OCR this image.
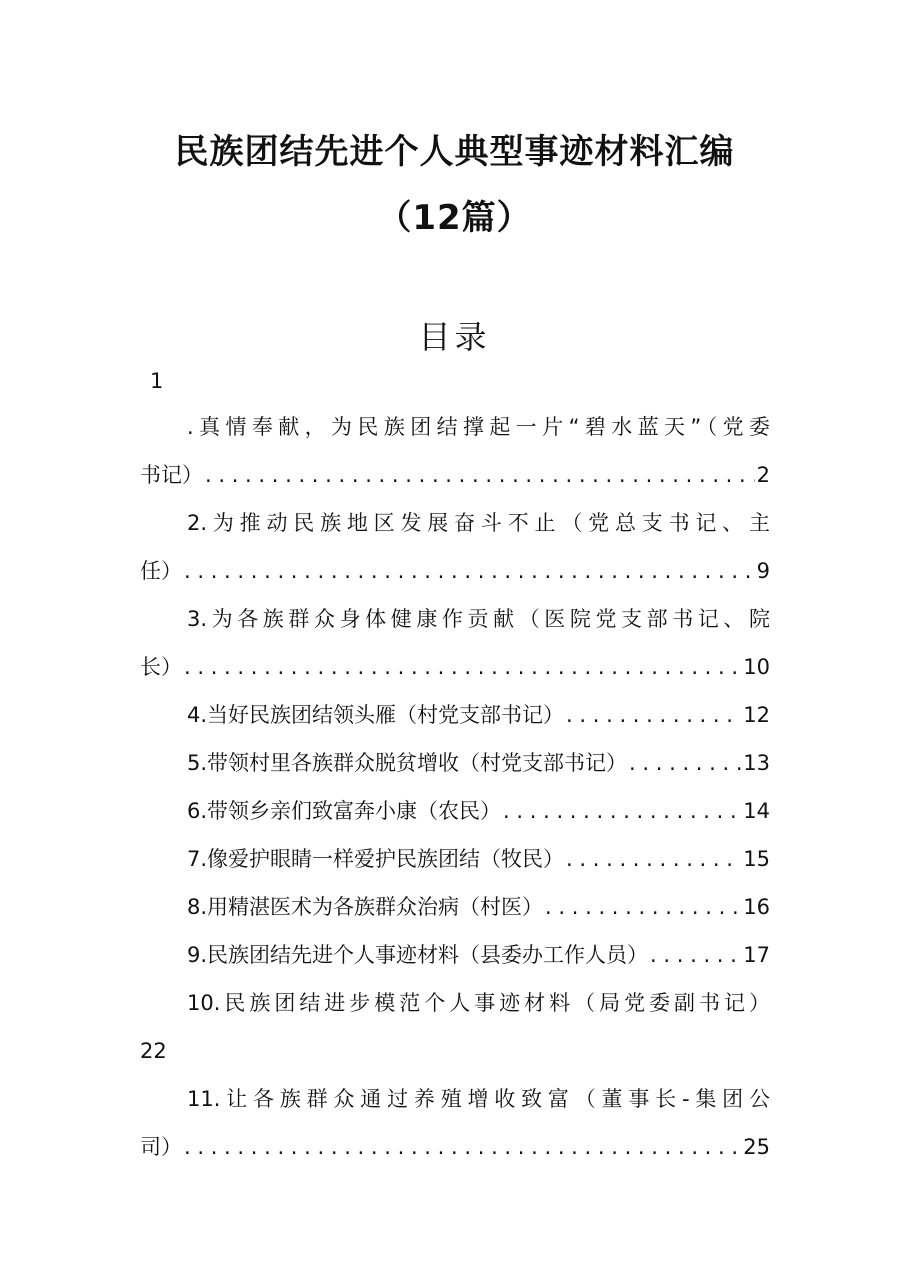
民族团结先进个人典型事迹材料汇编
（12篇）
目录
1
.真情奉献，为民族团结撑起一片“碧水蓝天”（党委
书记） . . .	2
2.为推动民族地区发展奋斗不止（党总支书记、主
任） . . .	9
3.为各族群众身体健康作贡献（医院党支部书记、院
长） . . .	10
4.当好民族团结领头雁（村党支部书记） . . .	12
5.带领村里各族群众脱贫增收（村党支部书记） . . .	13
6.带领乡亲们致富奔小康（农民） . . .	14
7.像爱护眼睛一样爱护民族团结（牧民） . . .	15
8.用精湛医术为各族群众治病（村医） . . .	16
9.民族团结先进个人事迹材料（县委办工作人员） . . .	17
10.民族团结进步模范个人事迹材料（局党委副书记）
22
11.让各族群众通过养殖增收致富（董事长-集团公
司） . . .	25
